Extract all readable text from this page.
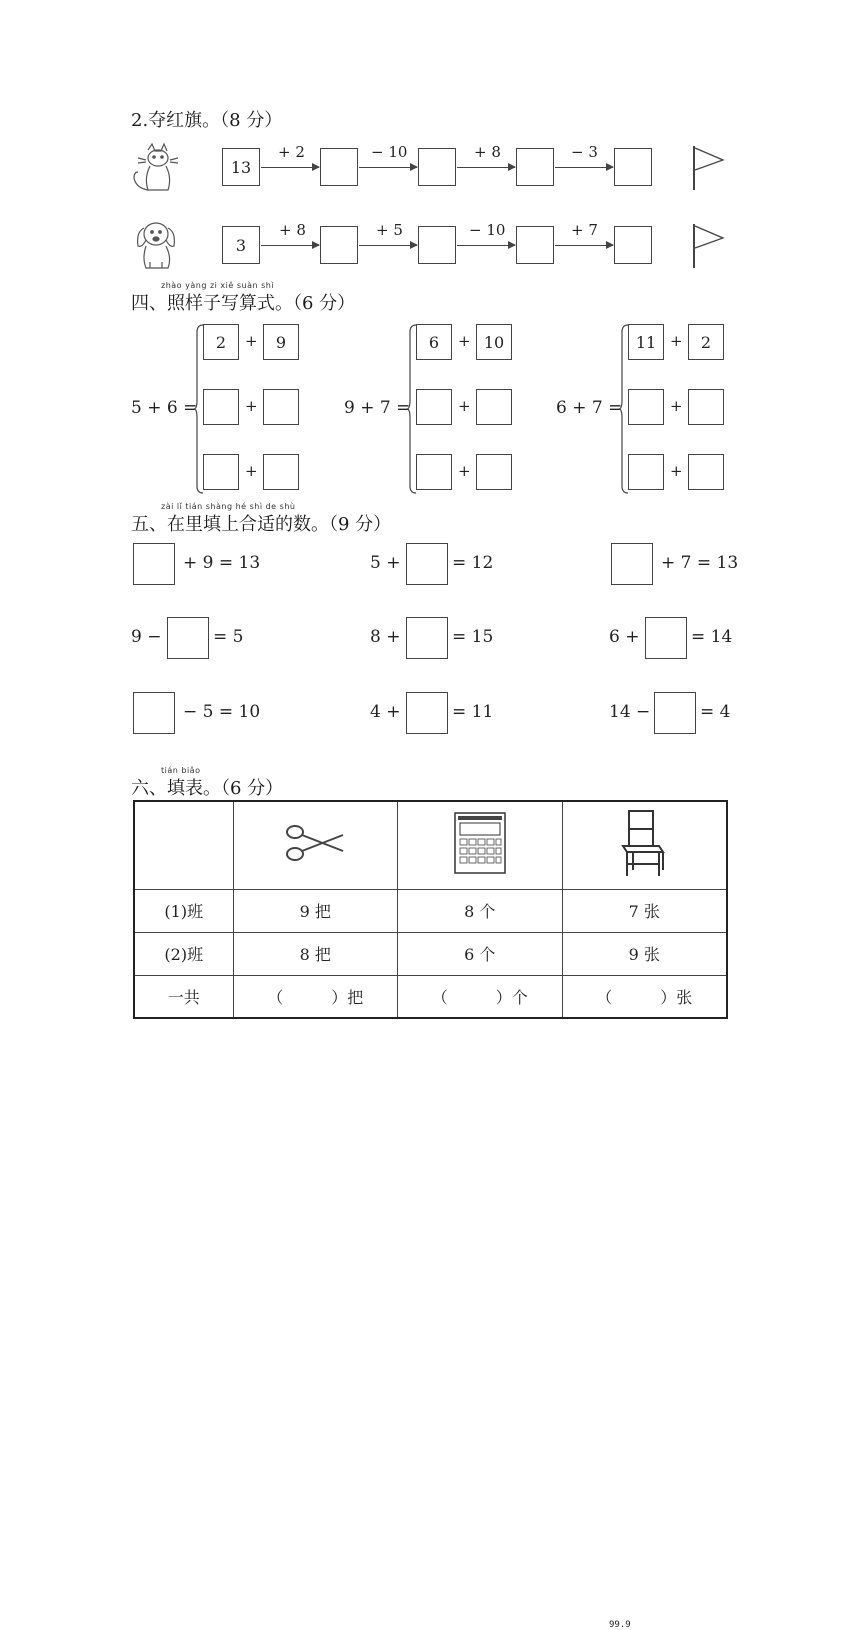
2.夺红旗。（8 分）
13
+ 2	− 10	+ 8	− 3
3
+ 8	+ 5	− 10	+ 7
zhào yàng zi xiě suàn shì
四、照样子写算式。（6 分）
5 + 6 =
2	+	9
+
+
9 + 7 =
6	+ 10
+
+
6 + 7 =
11 +	2
+
+
zài lǐ tián shàng hé shì de shù
五、在里填上合适的数。（9 分）
+ 9 = 13	5 +	= 12	+ 7 = 13
9 −	= 5	8 +	= 15	6 +	= 14
− 5 = 10	4 +	= 11	14 −	= 4
tián biǎo
六、填表。（6 分）

99.9

(1)班	9 把	8 个	7 张
(2)班	8 把	6 个	9 张
一共	（　　　）把	（　　　）个	（　　　）张
